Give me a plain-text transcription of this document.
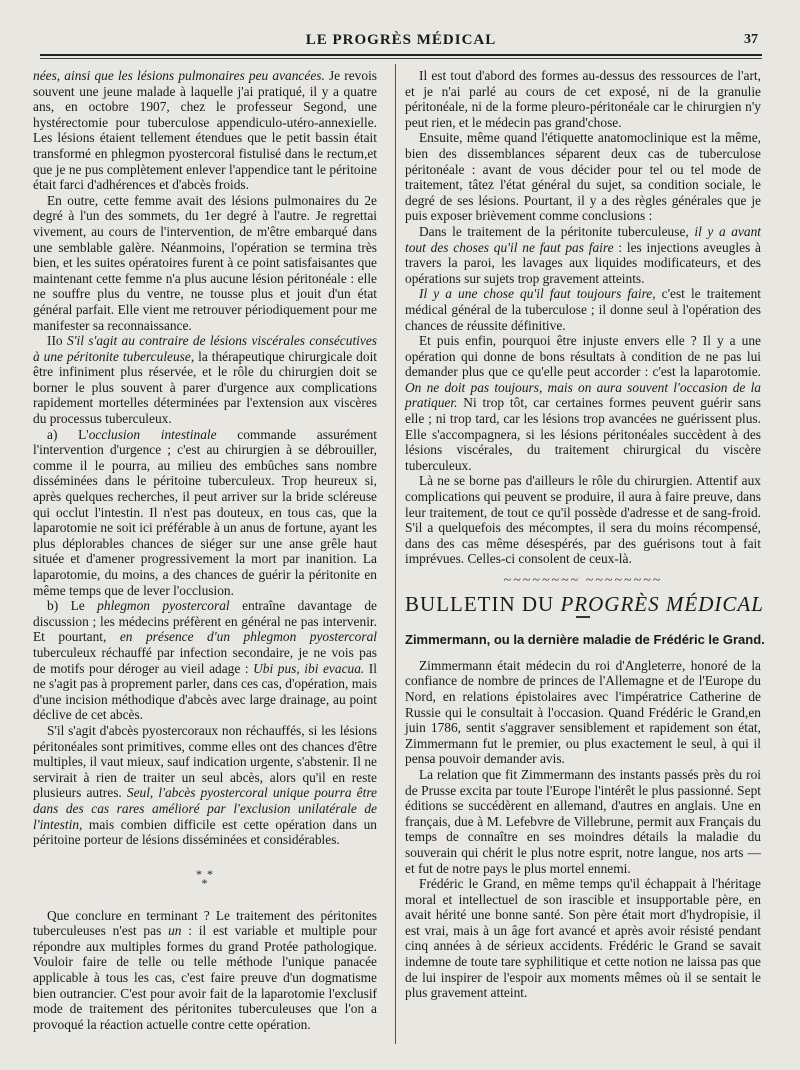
LE PROGRÈS MÉDICAL	37

nées, ainsi que les lésions pulmonaires peu avancées. Je revois souvent une jeune malade à laquelle j'ai pratiqué, il y a quatre ans, en octobre 1907, chez le professeur Segond, une hystérectomie pour tuberculose appendiculo-utéro-annexielle. Les lésions étaient tellement étendues que le petit bassin était transformé en phlegmon pyostercoral fistulisé dans le rectum,et que je ne pus complètement enlever l'appendice tant le péritoine était farci d'adhérences et d'abcès froids.

En outre, cette femme avait des lésions pulmonaires du 2e degré à l'un des sommets, du 1er degré à l'autre. Je regrettai vivement, au cours de l'intervention, de m'être embarqué dans une semblable galère. Néanmoins, l'opération se termina très bien, et les suites opératoires furent à ce point satisfaisantes que maintenant cette femme n'a plus aucune lésion péritonéale : elle ne souffre plus du ventre, ne tousse plus et jouit d'un état général parfait. Elle vient me retrouver périodiquement pour me manifester sa reconnaissance.

IIo S'il s'agit au contraire de lésions viscérales consécutives à une péritonite tuberculeuse, la thérapeutique chirurgicale doit être infiniment plus réservée, et le rôle du chirurgien doit se borner le plus souvent à parer d'urgence aux complications rapidement mortelles déterminées par l'extension aux viscères du processus tuberculeux.

a) L'occlusion intestinale commande assurément l'intervention d'urgence ; c'est au chirurgien à se débrouiller, comme il le pourra, au milieu des embûches sans nombre disséminées dans le péritoine tuberculeux. Trop heureux si, après quelques recherches, il peut arriver sur la bride scléreuse qui occlut l'intestin. Il n'est pas douteux, en tous cas, que la laparotomie ne soit ici préférable à un anus de fortune, ayant les plus déplorables chances de siéger sur une anse grêle haut située et d'amener progressivement la mort par inanition. La laparotomie, du moins, a des chances de guérir la péritonite en même temps que de lever l'occlusion.

b) Le phlegmon pyostercoral entraîne davantage de discussion ; les médecins préfèrent en général ne pas intervenir. Et pourtant, en présence d'un phlegmon pyostercoral tuberculeux réchauffé par infection secondaire, je ne vois pas de motifs pour déroger au vieil adage : Ubi pus, ibi evacua. Il ne s'agit pas à proprement parler, dans ces cas, d'opération, mais d'une incision méthodique d'abcès avec large drainage, au point déclive de cet abcès.

S'il s'agit d'abcès pyostercoraux non réchauffés, si les lésions péritonéales sont primitives, comme elles ont des chances d'être multiples, il vaut mieux, sauf indication urgente, s'abstenir. Il ne servirait à rien de traiter un seul abcès, alors qu'il en reste plusieurs autres. Seul, l'abcès pyostercoral unique pourra être dans des cas rares amélioré par l'exclusion unilatérale de l'intestin, mais combien difficile est cette opération dans un péritoine porteur de lésions disséminées et considérables.

* *
*

Que conclure en terminant ? Le traitement des péritonites tuberculeuses n'est pas un : il est variable et multiple pour répondre aux multiples formes du grand Protée pathologique. Vouloir faire de telle ou telle méthode l'unique panacée applicable à tous les cas, c'est faire preuve d'un dogmatisme bien outrancier. C'est pour avoir fait de la laparotomie l'exclusif mode de traitement des péritonites tuberculeuses que l'on a provoqué la réaction actuelle contre cette opération.

Il est tout d'abord des formes au-dessus des ressources de l'art, et je n'ai parlé au cours de cet exposé, ni de la granulie péritonéale, ni de la forme pleuro-péritonéale car le chirurgien n'y peut rien, et le médecin pas grand'chose.

Ensuite, même quand l'étiquette anatomoclinique est la même, bien des dissemblances séparent deux cas de tuberculose péritonéale : avant de vous décider pour tel ou tel mode de traitement, tâtez l'état général du sujet, sa condition sociale, le degré de ses lésions. Pourtant, il y a des règles générales que je puis exposer brièvement comme conclusions :

Dans le traitement de la péritonite tuberculeuse, il y a avant tout des choses qu'il ne faut pas faire : les injections aveugles à travers la paroi, les lavages aux liquides modificateurs, et des opérations sur sujets trop gravement atteints.

Il y a une chose qu'il faut toujours faire, c'est le traitement médical général de la tuberculose ; il donne seul à l'opération des chances de réussite définitive.

Et puis enfin, pourquoi être injuste envers elle ? Il y a une opération qui donne de bons résultats à condition de ne pas lui demander plus que ce qu'elle peut accorder : c'est la laparotomie. On ne doit pas toujours, mais on aura souvent l'occasion de la pratiquer. Ni trop tôt, car certaines formes peuvent guérir sans elle ; ni trop tard, car les lésions trop avancées ne guérissent plus. Elle s'accompagnera, si les lésions péritonéales succèdent à des lésions viscérales, du traitement chirurgical du viscère tuberculeux.

Là ne se borne pas d'ailleurs le rôle du chirurgien. Attentif aux complications qui peuvent se produire, il aura à faire preuve, dans leur traitement, de tout ce qu'il possède d'adresse et de sang-froid. S'il a quelquefois des mécomptes, il sera du moins récompensé, dans des cas même désespérés, par des guérisons tout à fait imprévues. Celles-ci consolent de ceux-là.

~~~~~~~~ ~~~~~~~~
BULLETIN DU PROGRÈS MÉDICAL
Zimmermann, ou la dernière maladie de Frédéric le Grand.

Zimmermann était médecin du roi d'Angleterre, honoré de la confiance de nombre de princes de l'Allemagne et de l'Europe du Nord, en relations épistolaires avec l'impératrice Catherine de Russie qui le consultait à l'occasion. Quand Frédéric le Grand,en juin 1786, sentit s'aggraver sensiblement et rapidement son état, Zimmermann fut le premier, ou plus exactement le seul, à qui il pensa pouvoir demander avis.

La relation que fit Zimmermann des instants passés près du roi de Prusse excita par toute l'Europe l'intérêt le plus passionné. Sept éditions se succédèrent en allemand, d'autres en anglais. Une en français, due à M. Lefebvre de Villebrune, permit aux Français du temps de connaître en ses moindres détails la maladie du souverain qui chérit le plus notre esprit, notre langue, nos arts — et fut de notre pays le plus mortel ennemi.

Frédéric le Grand, en même temps qu'il échappait à l'héritage moral et intellectuel de son irascible et insupportable père, en avait hérité une bonne santé. Son père était mort d'hydropisie, il est vrai, mais à un âge fort avancé et après avoir résisté pendant cinq années à de sérieux accidents. Frédéric le Grand se savait indemne de toute tare syphilitique et cette notion ne laissa pas que de lui inspirer de l'espoir aux moments mêmes où il se sentait le plus gravement atteint.
